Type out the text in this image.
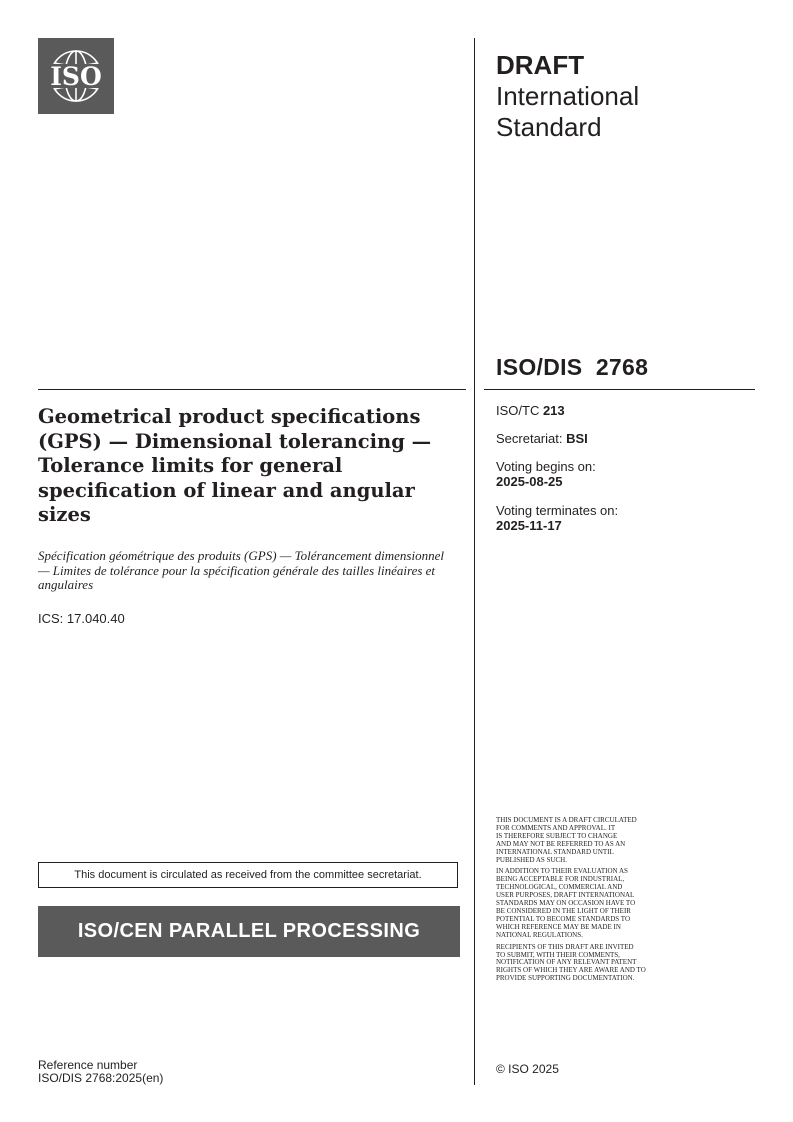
ISO	DRAFT
International
Standard
ISO/DIS  2768
Geometrical product specifications (GPS) — Dimensional tolerancing — Tolerance limits for general specification of linear and angular sizes
Spécification géométrique des produits (GPS) — Tolérancement dimensionnel — Limites de tolérance pour la spécification générale des tailles linéaires et angulaires
ICS: 17.040.40
ISO/TC 213
Secretariat: BSI
Voting begins on:
2025-08-25
Voting terminates on:
2025-11-17
This document is circulated as received from the committee secretariat.
ISO/CEN PARALLEL PROCESSING
Reference number
ISO/DIS 2768:2025(en)

THIS DOCUMENT IS A DRAFT CIRCULATED
FOR COMMENTS AND APPROVAL. IT
IS THEREFORE SUBJECT TO CHANGE
AND MAY NOT BE REFERRED TO AS AN
INTERNATIONAL STANDARD UNTIL
PUBLISHED AS SUCH.

IN ADDITION TO THEIR EVALUATION AS
BEING ACCEPTABLE FOR INDUSTRIAL,
TECHNOLOGICAL, COMMERCIAL AND
USER PURPOSES, DRAFT INTERNATIONAL
STANDARDS MAY ON OCCASION HAVE TO
BE CONSIDERED IN THE LIGHT OF THEIR
POTENTIAL TO BECOME STANDARDS TO
WHICH REFERENCE MAY BE MADE IN
NATIONAL REGULATIONS.

RECIPIENTS OF THIS DRAFT ARE INVITED
TO SUBMIT, WITH THEIR COMMENTS,
NOTIFICATION OF ANY RELEVANT PATENT
RIGHTS OF WHICH THEY ARE AWARE AND TO
PROVIDE SUPPORTING DOCUMENTATION.

© ISO 2025
